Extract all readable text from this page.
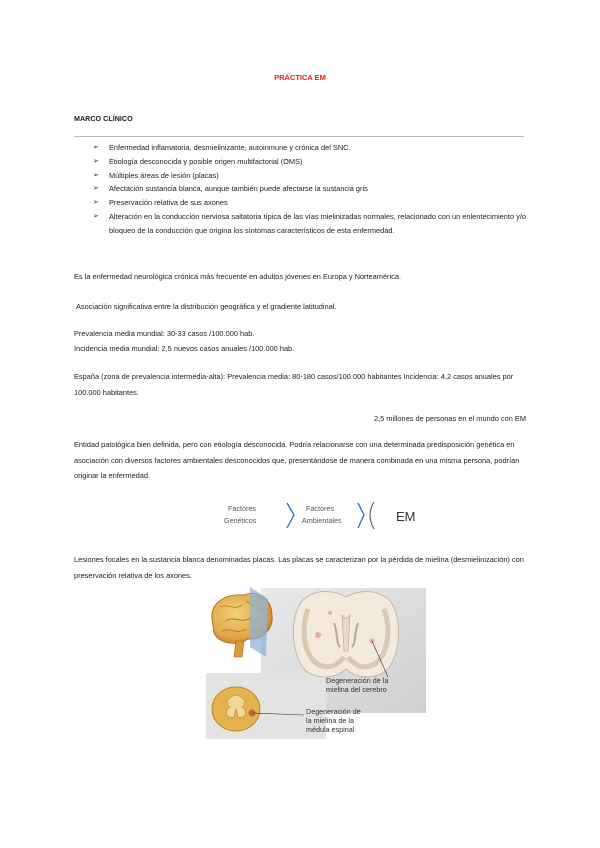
PRÁCTICA EM
MARCO CLÍNICO
➢ Enfermedad inflamatoria, desmielinizante, autoinmune y crónica del SNC.
➢ Etiología desconocida y posible origen multifactorial (OMS)
➢ Múltiples áreas de lesión (placas)
➢ Afectación sustancia blanca, aunque también puede afectarse la sustancia gris
➢ Preservación relativa de sus axones
➢ Alteración en la conducción nerviosa saltatoria típica de las vías mielinizadas normales, relacionado con un enlentecimiento y/o bloqueo de la conducción que origina los síntomas característicos de esta enfermedad.
Es la enfermedad neurológica crónica más frecuente en adultos jóvenes en Europa y Norteamérica.
Asociación significativa entre la distribución geográfica y el gradiente latitudinal.
Prevalencia media mundial: 30-33 casos /100.000 hab.
Incidencia media mundial: 2,5 nuevos casos anuales /100.000 hab.
España (zona de prevalencia intermedia-alta): Prevalencia media: 80-180 casos/100.000 habitantes Incidencia: 4,2 casos anuales por 100.000 habitantes.
2,5 millones de personas en el mundo con EM
Entidad patológica bien definida, pero con etiología desconocida. Podría relacionarse con una determinada predisposición genética en asociación con diversos factores ambientales desconocidos que, presentándose de manera combinada en una misma persona, podrían originar la enfermedad.
Factores
Genéticos
Factores
Ambientales	EM
Lesiones focales en la sustancia blanca denominadas placas. Las placas se caracterizan por la pérdida de mielina (desmielinización) con preservación relativa de los axones.
Degeneración de la
mielina del cerebro
Degeneración de
la mielina de la
médula espinal
